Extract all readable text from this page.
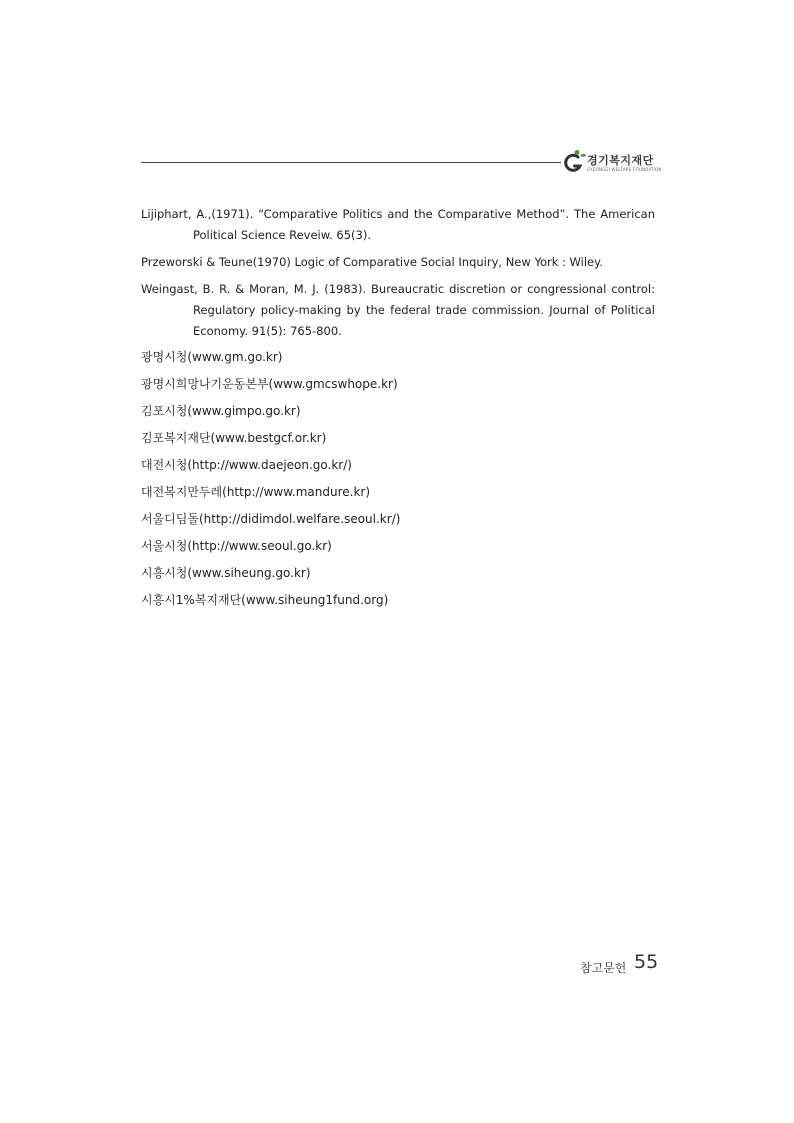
경기복지재단
GYEONGGI WELFARE FOUNDATION

Lijiphart, A.,(1971). “Comparative Politics and the Comparative Method”. The American Political Science Reveiw. 65(3).

Przeworski & Teune(1970) Logic of Comparative Social Inquiry, New York : Wiley.

Weingast, B. R. & Moran, M. J. (1983). Bureaucratic discretion or congressional control: Regulatory policy-making by the federal trade commission. Journal of Political Economy. 91(5): 765-800.

광명시청(www.gm.go.kr)
광명시희망나기운동본부(www.gmcswhope.kr)
김포시청(www.gimpo.go.kr)
김포복지재단(www.bestgcf.or.kr)
대전시청(http://www.daejeon.go.kr/)
대전복지만두레(http://www.mandure.kr)
서울디딤돌(http://didimdol.welfare.seoul.kr/)
서울시청(http://www.seoul.go.kr)
시흥시청(www.siheung.go.kr)
시흥시1%복지재단(www.siheung1fund.org)
참고문헌 55
